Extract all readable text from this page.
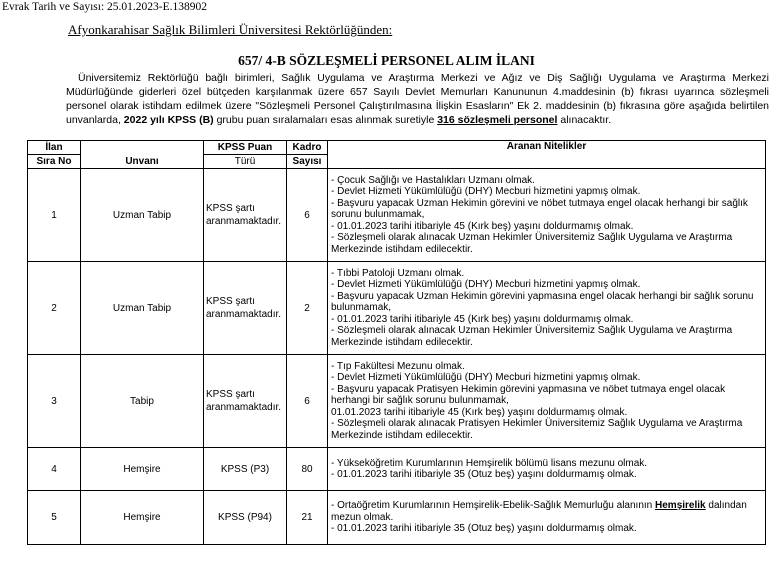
Evrak Tarih ve Sayısı: 25.01.2023-E.138902
Afyonkarahisar Sağlık Bilimleri Üniversitesi Rektörlüğünden:
657/ 4-B SÖZLEŞMELİ PERSONEL ALIM İLANI
Üniversitemiz Rektörlüğü bağlı birimleri, Sağlık Uygulama ve Araştırma Merkezi ve Ağız ve Diş Sağlığı Uygulama ve Araştırma Merkezi Müdürlüğünde giderleri özel bütçeden karşılanmak üzere 657 Sayılı Devlet Memurları Kanununun 4.maddesinin (b) fıkrası uyarınca sözleşmeli personel olarak istihdam edilmek üzere "Sözleşmeli Personel Çalıştırılmasına İlişkin Esasların" Ek 2. maddesinin (b) fıkrasına göre aşağıda belirtilen unvanlarda, 2022 yılı KPSS (B) grubu puan sıralamaları esas alınmak suretiyle 316 sözleşmeli personel alınacaktır.
İlan	Unvanı	KPSS Puan	Kadro	Aranan Nitelikler
Sıra No		Türü	Sayısı	
1	Uzman Tabip	KPSS şartı aranmamaktadır.	6	- Çocuk Sağlığı ve Hastalıkları Uzmanı olmak.
- Devlet Hizmeti Yükümlülüğü (DHY) Mecburi hizmetini yapmış olmak.
- Başvuru yapacak Uzman Hekimin görevini ve nöbet tutmaya engel olacak herhangi bir sağlık sorunu bulunmamak,
- 01.01.2023 tarihi itibariyle 45 (Kırk beş) yaşını doldurmamış olmak.
- Sözleşmeli olarak alınacak Uzman Hekimler Üniversitemiz Sağlık Uygulama ve Araştırma Merkezinde istihdam edilecektir.

2	Uzman Tabip	KPSS şartı aranmamaktadır.	2	- Tıbbi Patoloji Uzmanı olmak.
- Devlet Hizmeti Yükümlülüğü (DHY) Mecburi hizmetini yapmış olmak.
- Başvuru yapacak Uzman Hekimin görevini yapmasına engel olacak herhangi bir sağlık sorunu bulunmamak,
- 01.01.2023 tarihi itibariyle 45 (Kırk beş) yaşını doldurmamış olmak.
- Sözleşmeli olarak alınacak Uzman Hekimler Üniversitemiz Sağlık Uygulama ve Araştırma Merkezinde istihdam edilecektir.

3	Tabip	KPSS şartı aranmamaktadır.	6	- Tıp Fakültesi Mezunu olmak.
- Devlet Hizmeti Yükümlülüğü (DHY) Mecburi hizmetini yapmış olmak.
- Başvuru yapacak Pratisyen Hekimin görevini yapmasına ve nöbet tutmaya engel olacak herhangi bir sağlık sorunu bulunmamak,
01.01.2023 tarihi itibariyle 45 (Kırk beş) yaşını doldurmamış olmak.
- Sözleşmeli olarak alınacak Pratisyen Hekimler Üniversitemiz Sağlık Uygulama ve Araştırma Merkezinde istihdam edilecektir.

4	Hemşire	KPSS (P3)	80	- Yükseköğretim Kurumlarının Hemşirelik bölümü lisans mezunu olmak.
- 01.01.2023 tarihi itibariyle 35 (Otuz beş) yaşını doldurmamış olmak.

5	Hemşire	KPSS (P94)	21	- Ortaöğretim Kurumlarının Hemşirelik-Ebelik-Sağlık Memurluğu alanının Hemşirelik dalından mezun olmak.
- 01.01.2023 tarihi itibariyle 35 (Otuz beş) yaşını doldurmamış olmak.
